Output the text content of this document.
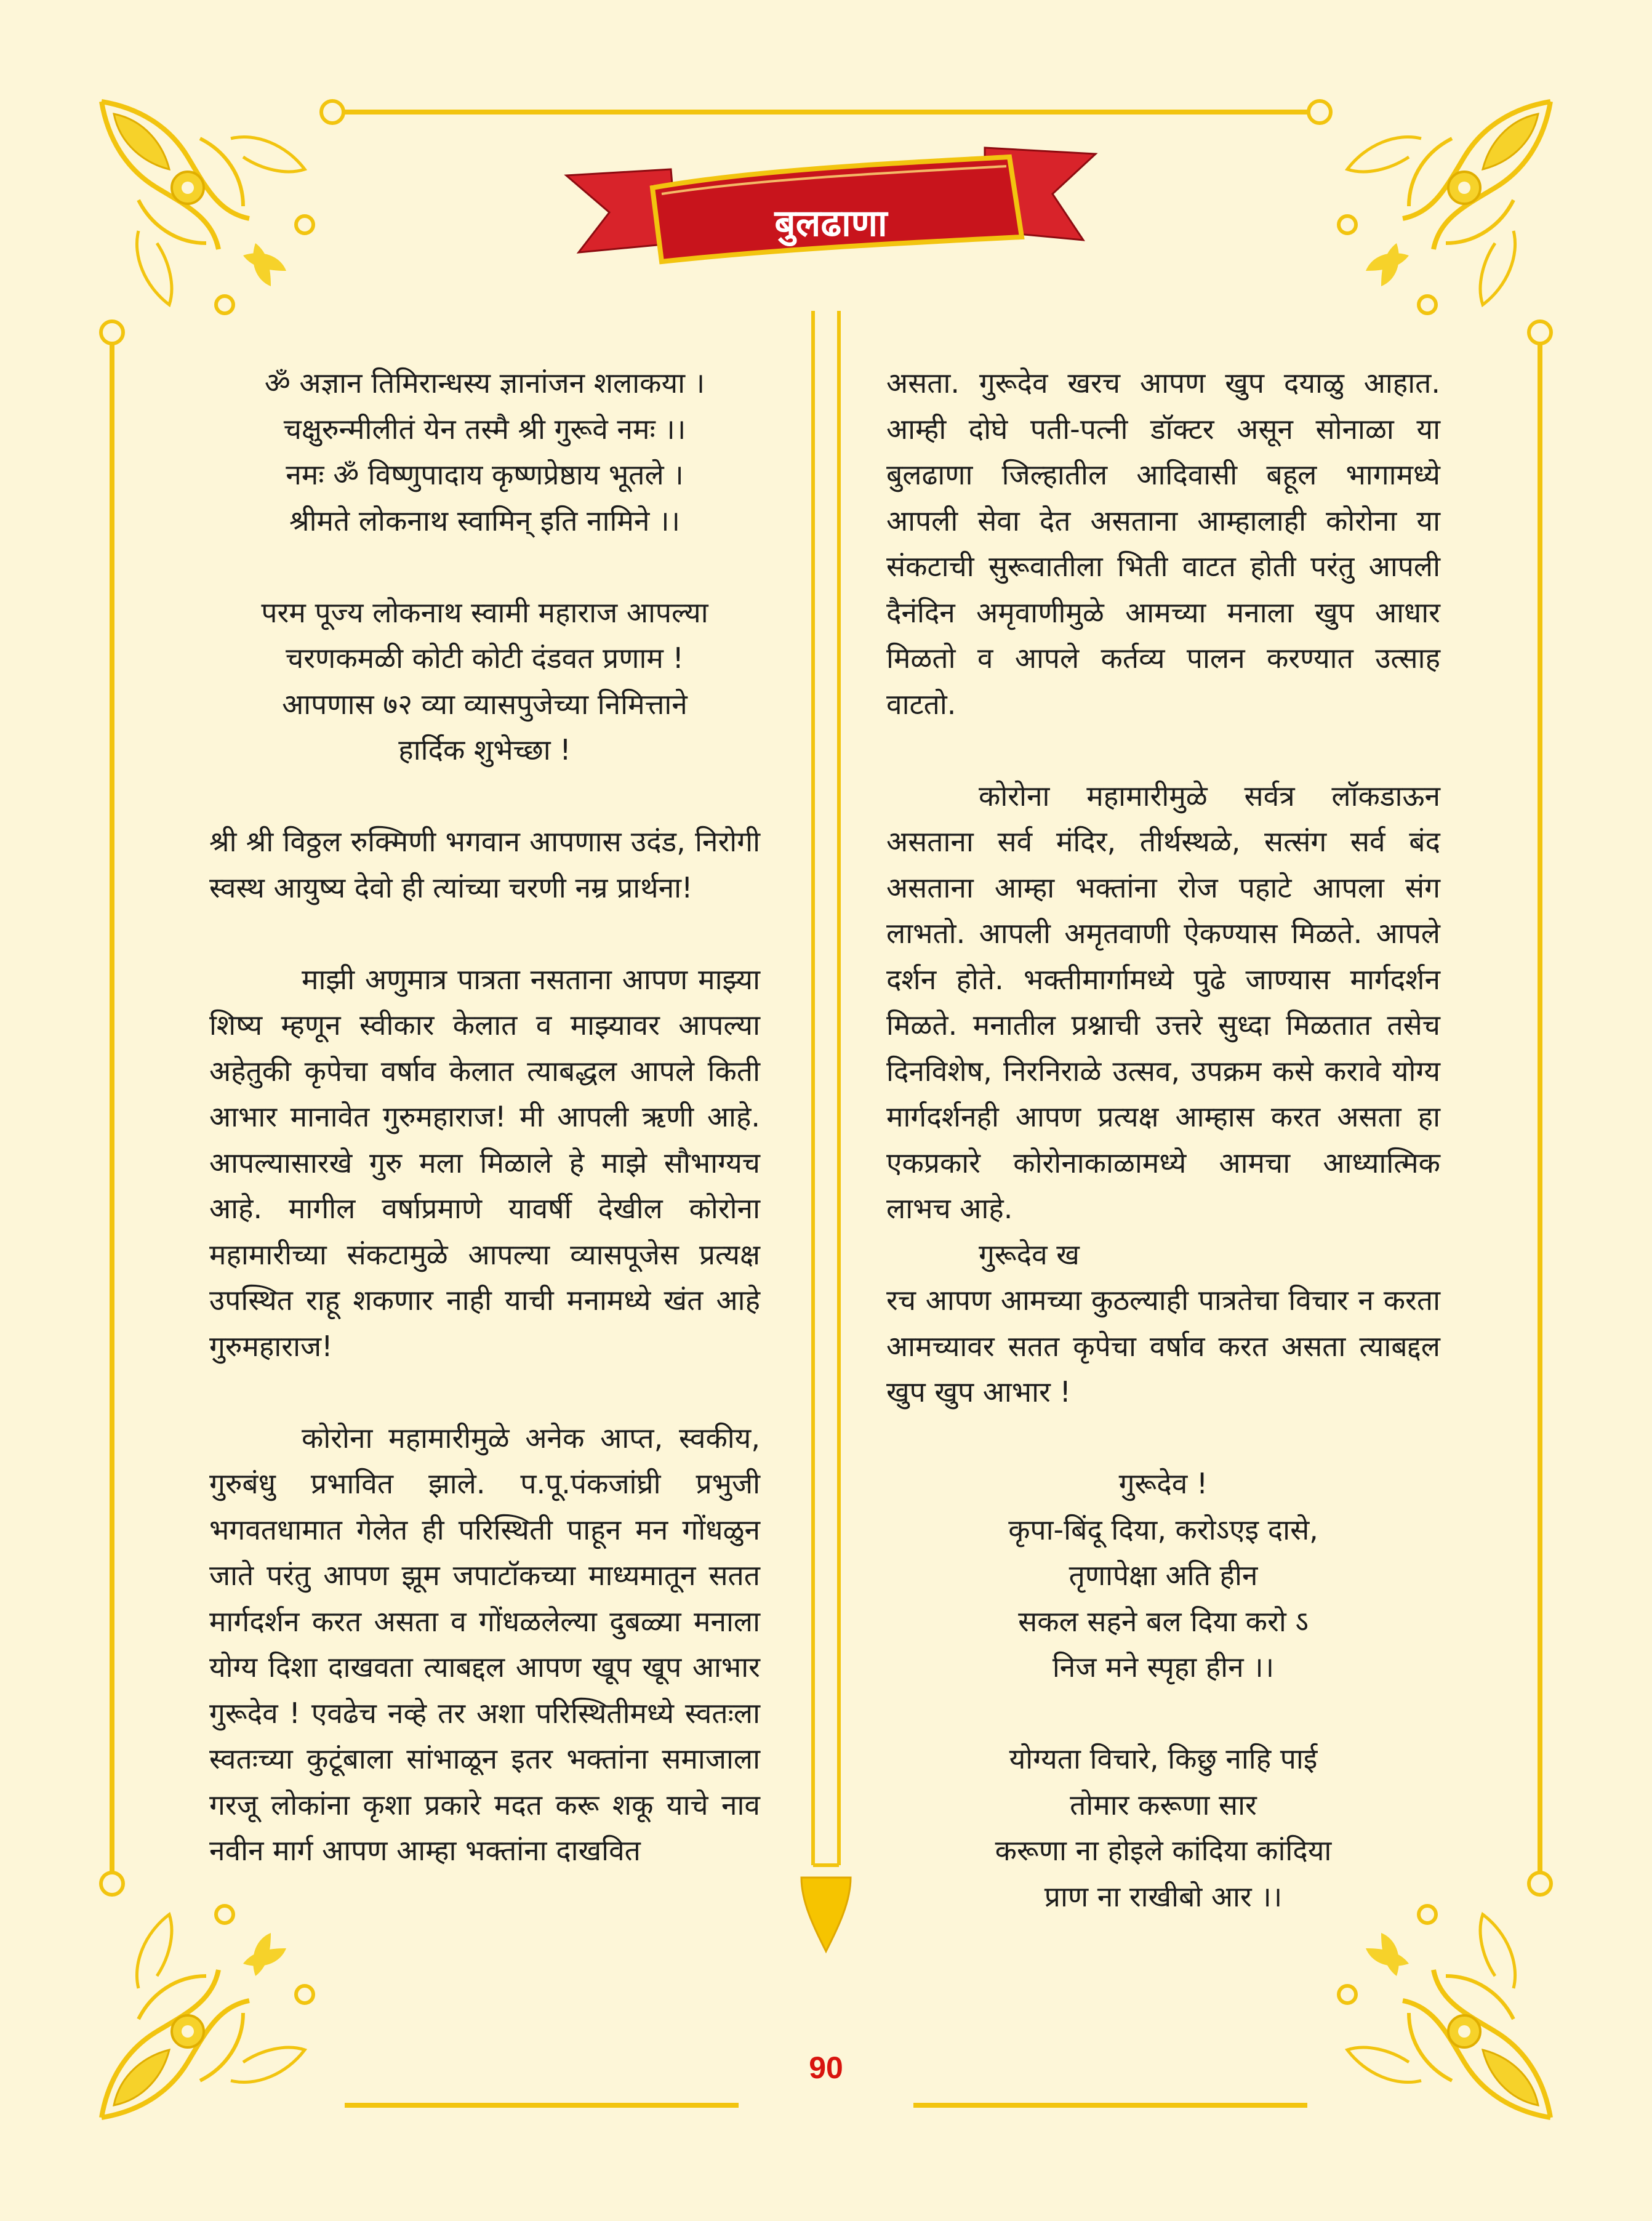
बुलढाणा

ॐ अज्ञान तिमिरान्धस्य ज्ञानांजन शलाकया ।

चक्षुरुन्मीलीतं येन तस्मै श्री गुरूवे नमः ।।

नमः ॐ विष्णुपादाय कृष्णप्रेष्ठाय भूतले ।

श्रीमते लोकनाथ स्वामिन् इति नामिने ।।

परम पूज्य लोकनाथ स्वामी महाराज आपल्या

चरणकमळी कोटी कोटी दंडवत प्रणाम !

आपणास ७२ व्या व्यासपुजेच्या निमित्ताने

हार्दिक शुभेच्छा !

श्री श्री विठ्ठल रुक्मिणी भगवान आपणास उदंड, निरोगी स्वस्थ आयुष्य देवो ही त्यांच्या चरणी नम्र प्रार्थना!

माझी अणुमात्र पात्रता नसताना आपण माझ्या शिष्य म्हणून स्वीकार केलात व माझ्यावर आपल्या अहेतुकी कृपेचा वर्षाव केलात त्याबद्धल आपले किती आभार मानावेत गुरुमहाराज! मी आपली ऋणी आहे. आपल्यासारखे गुरु मला मिळाले हे माझे सौभाग्यच आहे. मागील वर्षाप्रमाणे यावर्षी देखील कोरोना महामारीच्या संकटामुळे आपल्या व्यासपूजेस प्रत्यक्ष उपस्थित राहू शकणार नाही याची मनामध्ये खंत आहे गुरुमहाराज!

कोरोना महामारीमुळे अनेक आप्त, स्वकीय, गुरुबंधु प्रभावित झाले. प.पू.पंकजांघ्री प्रभुजी भगवतधामात गेलेत ही परिस्थिती पाहून मन गोंधळुन जाते परंतु आपण झूम जपाटॉकच्या माध्यमातून सतत मार्गदर्शन करत असता व गोंधळलेल्या दुबळ्या मनाला योग्य दिशा दाखवता त्याबद्दल आपण खूप खूप आभार गुरूदेव ! एवढेच नव्हे तर अशा परिस्थितीमध्ये स्वतःला स्वतःच्या कुटूंबाला सांभाळून इतर भक्तांना समाजाला गरजू लोकांना कृशा प्रकारे मदत करू शकू याचे नाव नवीन मार्ग आपण आम्हा भक्तांना दाखवित

असता. गुरूदेव खरच आपण खुप दयाळु आहात. आम्ही दोघे पती-पत्नी डॉक्टर असून सोनाळा या बुलढाणा जिल्हातील आदिवासी बहूल भागामध्ये आपली सेवा देत असताना आम्हालाही कोरोना या संकटाची सुरूवातीला भिती वाटत होती परंतु आपली दैनंदिन अमृवाणीमुळे आमच्या मनाला खुप आधार मिळतो व आपले कर्तव्य पालन करण्यात उत्साह वाटतो.

कोरोना महामारीमुळे सर्वत्र लॉकडाऊन असताना सर्व मंदिर, तीर्थस्थळे, सत्संग सर्व बंद असताना आम्हा भक्तांना रोज पहाटे आपला संग लाभतो. आपली अमृतवाणी ऐकण्यास मिळते. आपले दर्शन होते. भक्तीमार्गामध्ये पुढे जाण्यास मार्गदर्शन मिळते. मनातील प्रश्नाची उत्तरे सुध्दा मिळतात तसेच दिनविशेष, निरनिराळे उत्सव, उपक्रम कसे करावे योग्य मार्गदर्शनही आपण प्रत्यक्ष आम्हास करत असता हा एकप्रकारे कोरोनाकाळामध्ये आमचा आध्यात्मिक लाभच आहे.

गुरूदेव ख

रच आपण आमच्या कुठल्याही पात्रतेचा विचार न करता आमच्यावर सतत कृपेचा वर्षाव करत असता त्याबद्दल खुप खुप आभार !

गुरूदेव !

कृपा-बिंदू दिया, करोऽएइ दासे,

तृणापेक्षा अति हीन

सकल सहने बल दिया करो ऽ

निज मने स्पृहा हीन ।।

योग्यता विचारे, किछु नाहि पाई

तोमार करूणा सार

करूणा ना होइले कांदिया कांदिया

प्राण ना राखीबो आर ।।

90
